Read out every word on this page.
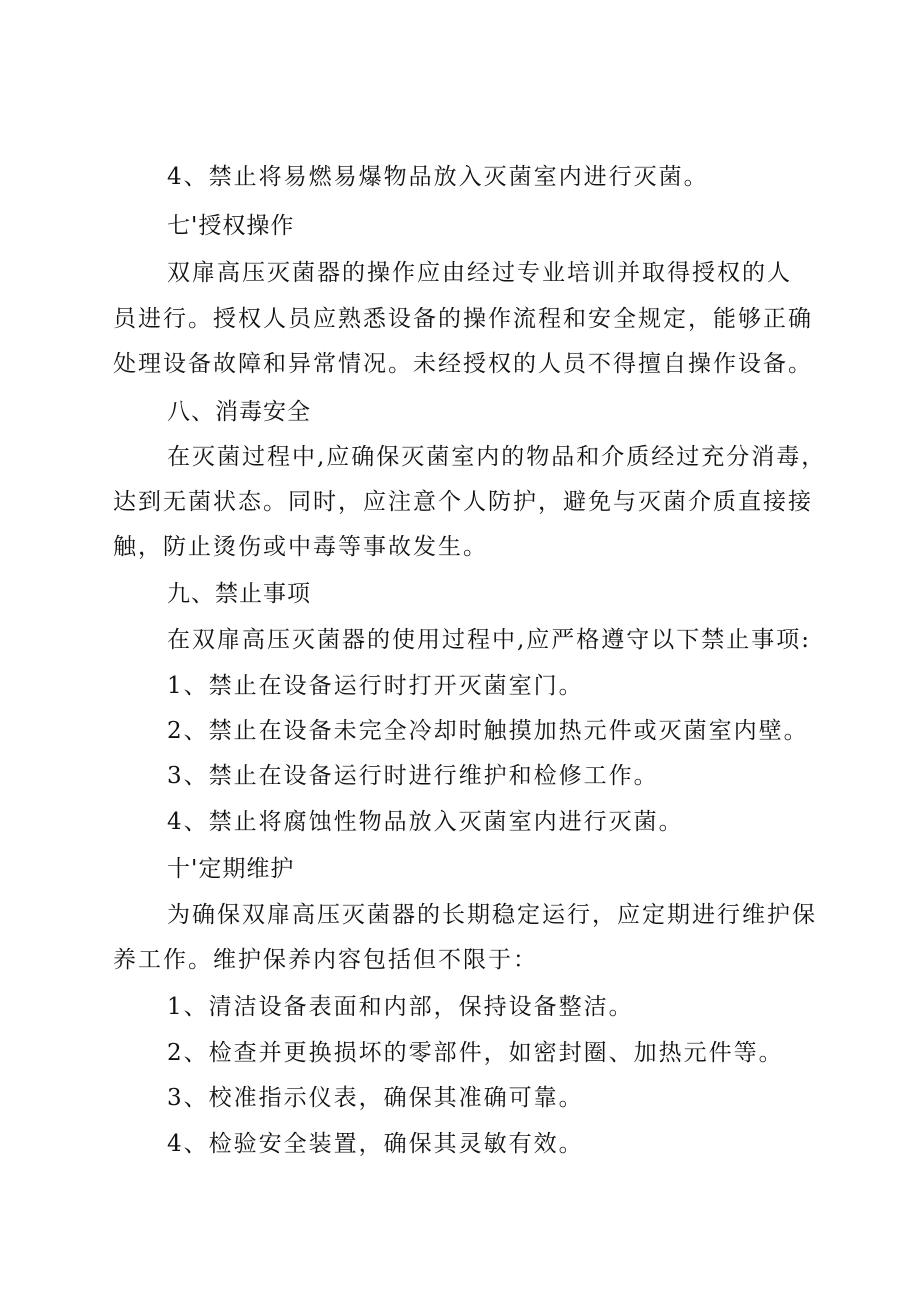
4、禁止将易燃易爆物品放入灭菌室内进行灭菌。
七'授权操作
双扉高压灭菌器的操作应由经过专业培训并取得授权的人
员进行。授权人员应熟悉设备的操作流程和安全规定，能够正确
处理设备故障和异常情况。未经授权的人员不得擅自操作设备。
八、消毒安全
在灭菌过程中,应确保灭菌室内的物品和介质经过充分消毒，
达到无菌状态。同时，应注意个人防护，避免与灭菌介质直接接
触，防止烫伤或中毒等事故发生。
九、禁止事项
在双扉高压灭菌器的使用过程中,应严格遵守以下禁止事项:
1、禁止在设备运行时打开灭菌室门。
2、禁止在设备未完全冷却时触摸加热元件或灭菌室内壁。
3、禁止在设备运行时进行维护和检修工作。
4、禁止将腐蚀性物品放入灭菌室内进行灭菌。
十'定期维护
为确保双扉高压灭菌器的长期稳定运行，应定期进行维护保
养工作。维护保养内容包括但不限于：
1、清洁设备表面和内部，保持设备整洁。
2、检查并更换损坏的零部件，如密封圈、加热元件等。
3、校准指示仪表，确保其准确可靠。
4、检验安全装置，确保其灵敏有效。
